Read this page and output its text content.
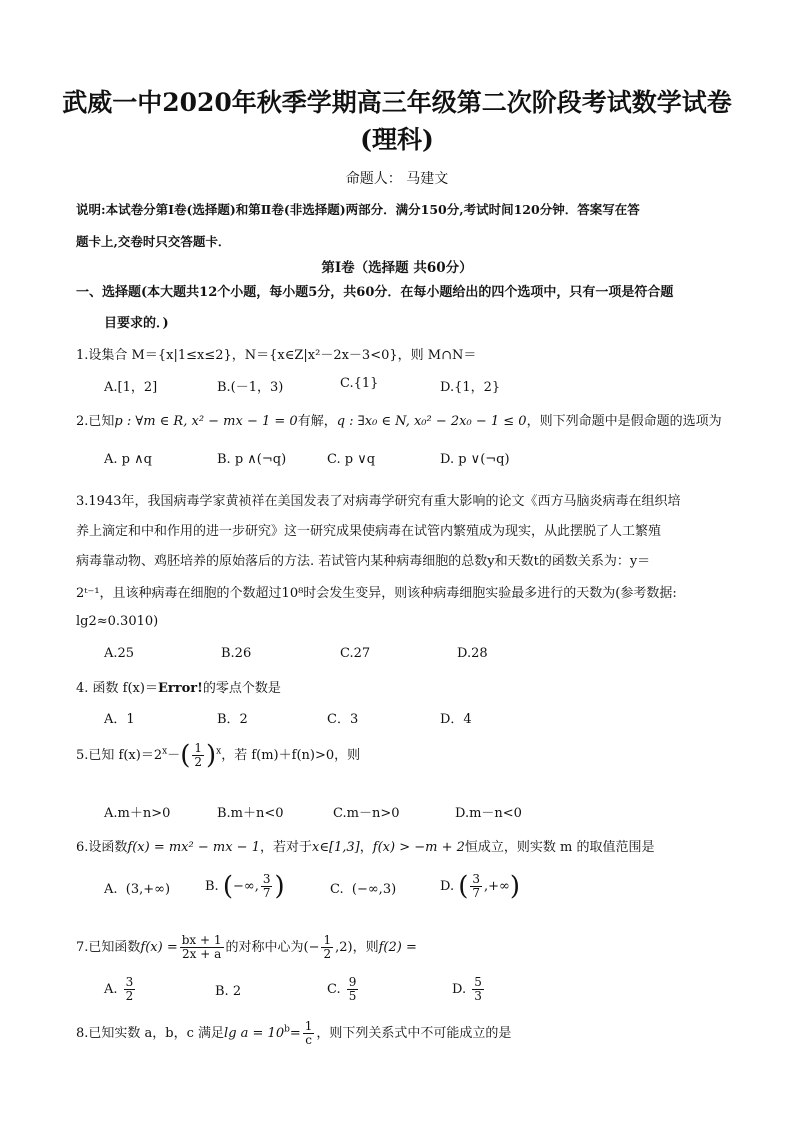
武威一中2020年秋季学期高三年级第二次阶段考试数学试卷
(理科)
命题人： 马建文
说明:本试卷分第Ⅰ卷(选择题)和第Ⅱ卷(非选择题)两部分．满分150分,考试时间120分钟．答案写在答
题卡上,交卷时只交答题卡．
第Ⅰ卷（选择题 共60分）
一、选择题(本大题共12个小题，每小题5分，共60分．在每小题给出的四个选项中，只有一项是符合题
目要求的．)
1.设集合 M＝{x|1≤x≤2}，N＝{x∈Z|x²－2x－3<0}，则 M∩N＝
A.[1，2]	B.(－1，3)	C.{1}	D.{1，2}
2.已知p : ∀m ∈ R, x² − mx − 1 = 0有解，q : ∃x₀ ∈ N, x₀² − 2x₀ − 1 ≤ 0，则下列命题中是假命题的选项为
A. p ∧q	B. p ∧(¬q)	C. p ∨q	D. p ∨(¬q)
3.1943年，我国病毒学家黄祯祥在美国发表了对病毒学研究有重大影响的论文《西方马脑炎病毒在组织培
养上滴定和中和作用的进一步研究》这一研究成果使病毒在试管内繁殖成为现实，从此摆脱了人工繁殖
病毒靠动物、鸡胚培养的原始落后的方法. 若试管内某种病毒细胞的总数y和天数t的函数关系为：y＝
2ᵗ⁻¹，且该种病毒在细胞的个数超过10⁸时会发生变异，则该种病毒细胞实验最多进行的天数为(参考数据:
lg2≈0.3010)
A.25	B.26	C.27	D.28
4. 函数 f(x)＝Error!的零点个数是
A．1	B．2	C．3	D．4
5.已知 $f(x)=2^x-( \frac{1}{2} )^x$，若 f(m)＋f(n)>0，则
A.m＋n>0	B.m＋n<0	C.m－n>0	D.m－n<0
6.设函数f(x) = mx² − mx − 1，若对于x∈[1,3]，f(x) > −m + 2恒成立，则实数 m 的取值范围是
A. (3,+∞)	B. (−∞, $\frac{3}{7}$ )	C. (−∞,3)	D. ( $\frac{3}{7}$ ,+∞)
7.已知函数$f(x) = \frac{bx + 1}{2x + a}$ 的对称中心为(− $\frac{1}{2} ,2$)，则f(2) =
A. $\frac{3}{2}$	B. 2	C. $\frac{9}{5}$	D. $\frac{5}{3}$
8.已知实数 a，b，c 满足$\lg a = 10^b= \frac{1}{c}$ ，则下列关系式中不可能成立的是
